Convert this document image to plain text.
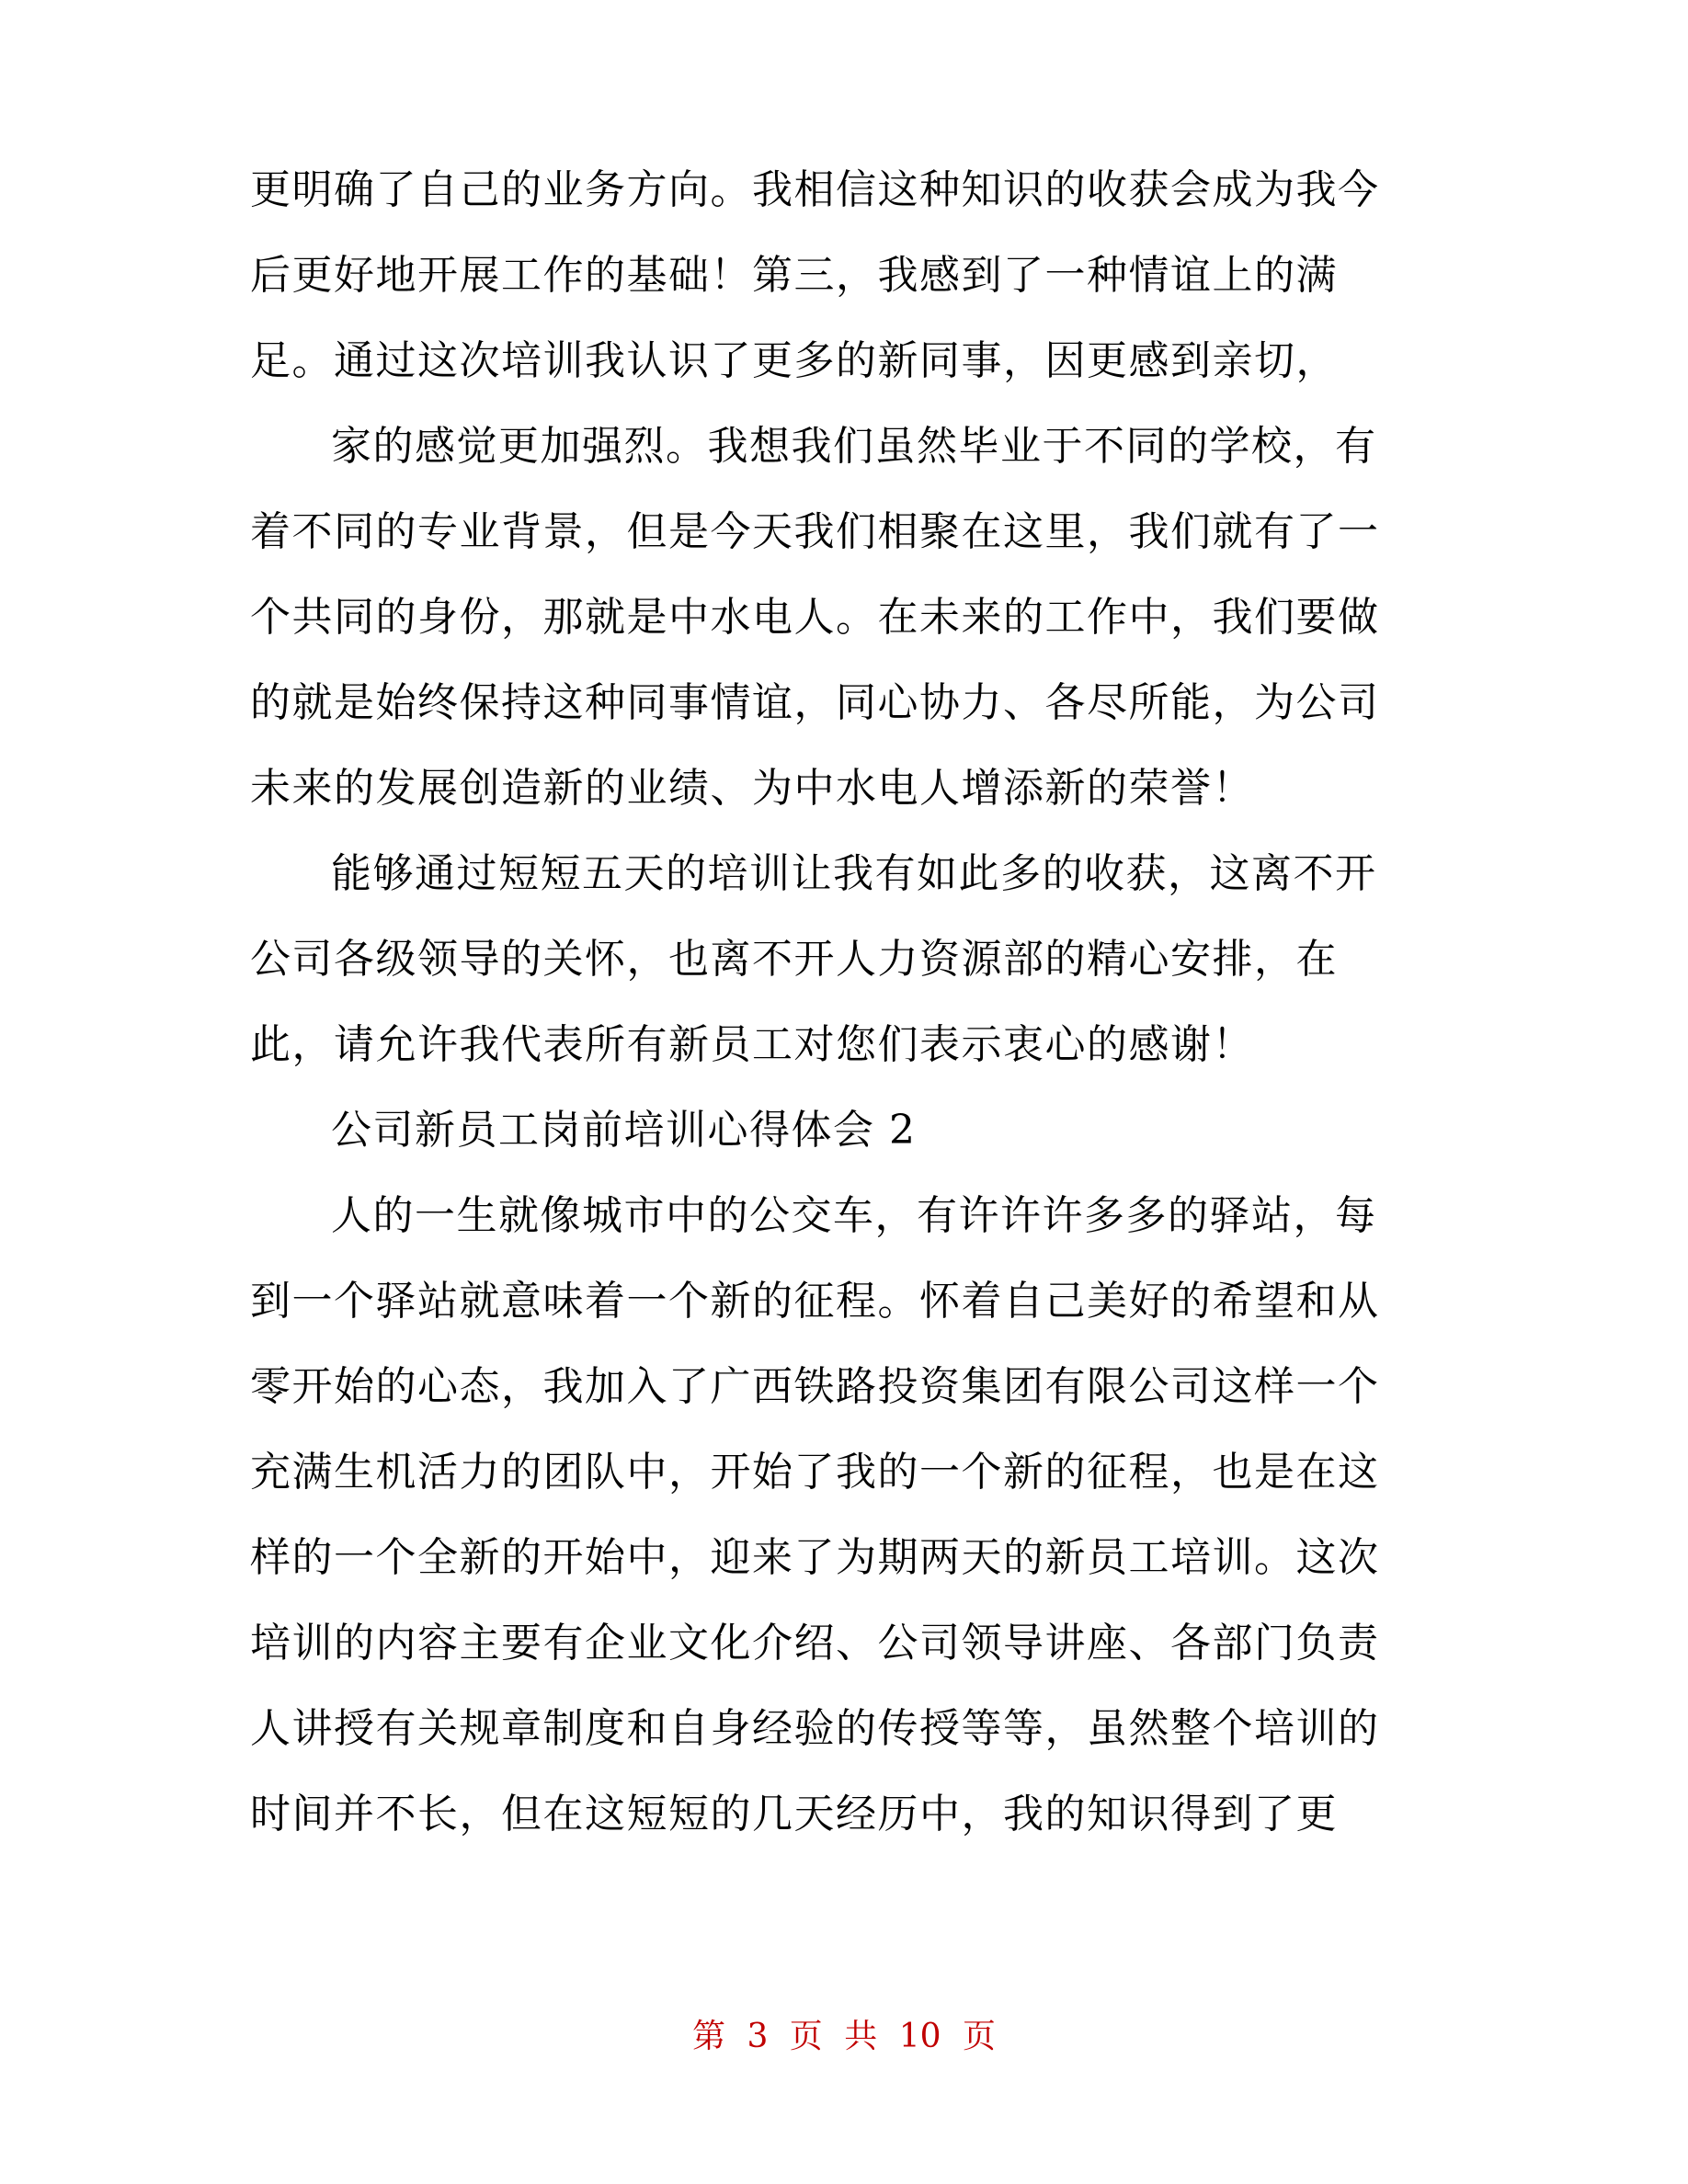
更明确了自己的业务方向。我相信这种知识的收获会成为我今
后更好地开展工作的基础！第三，我感到了一种情谊上的满
足。通过这次培训我认识了更多的新同事，因更感到亲切，
家的感觉更加强烈。我想我们虽然毕业于不同的学校，有
着不同的专业背景，但是今天我们相聚在这里，我们就有了一
个共同的身份，那就是中水电人。在未来的工作中，我们要做
的就是始终保持这种同事情谊，同心协力、各尽所能，为公司
未来的发展创造新的业绩、为中水电人增添新的荣誉！
能够通过短短五天的培训让我有如此多的收获，这离不开
公司各级领导的关怀，也离不开人力资源部的精心安排，在
此，请允许我代表所有新员工对您们表示衷心的感谢！
公司新员工岗前培训心得体会 2
人的一生就像城市中的公交车，有许许许多多的驿站，每
到一个驿站就意味着一个新的征程。怀着自己美好的希望和从
零开始的心态，我加入了广西铁路投资集团有限公司这样一个
充满生机活力的团队中，开始了我的一个新的征程，也是在这
样的一个全新的开始中，迎来了为期两天的新员工培训。这次
培训的内容主要有企业文化介绍、公司领导讲座、各部门负责
人讲授有关规章制度和自身经验的传授等等，虽然整个培训的
时间并不长，但在这短短的几天经历中，我的知识得到了更
第 3 页 共 10 页
